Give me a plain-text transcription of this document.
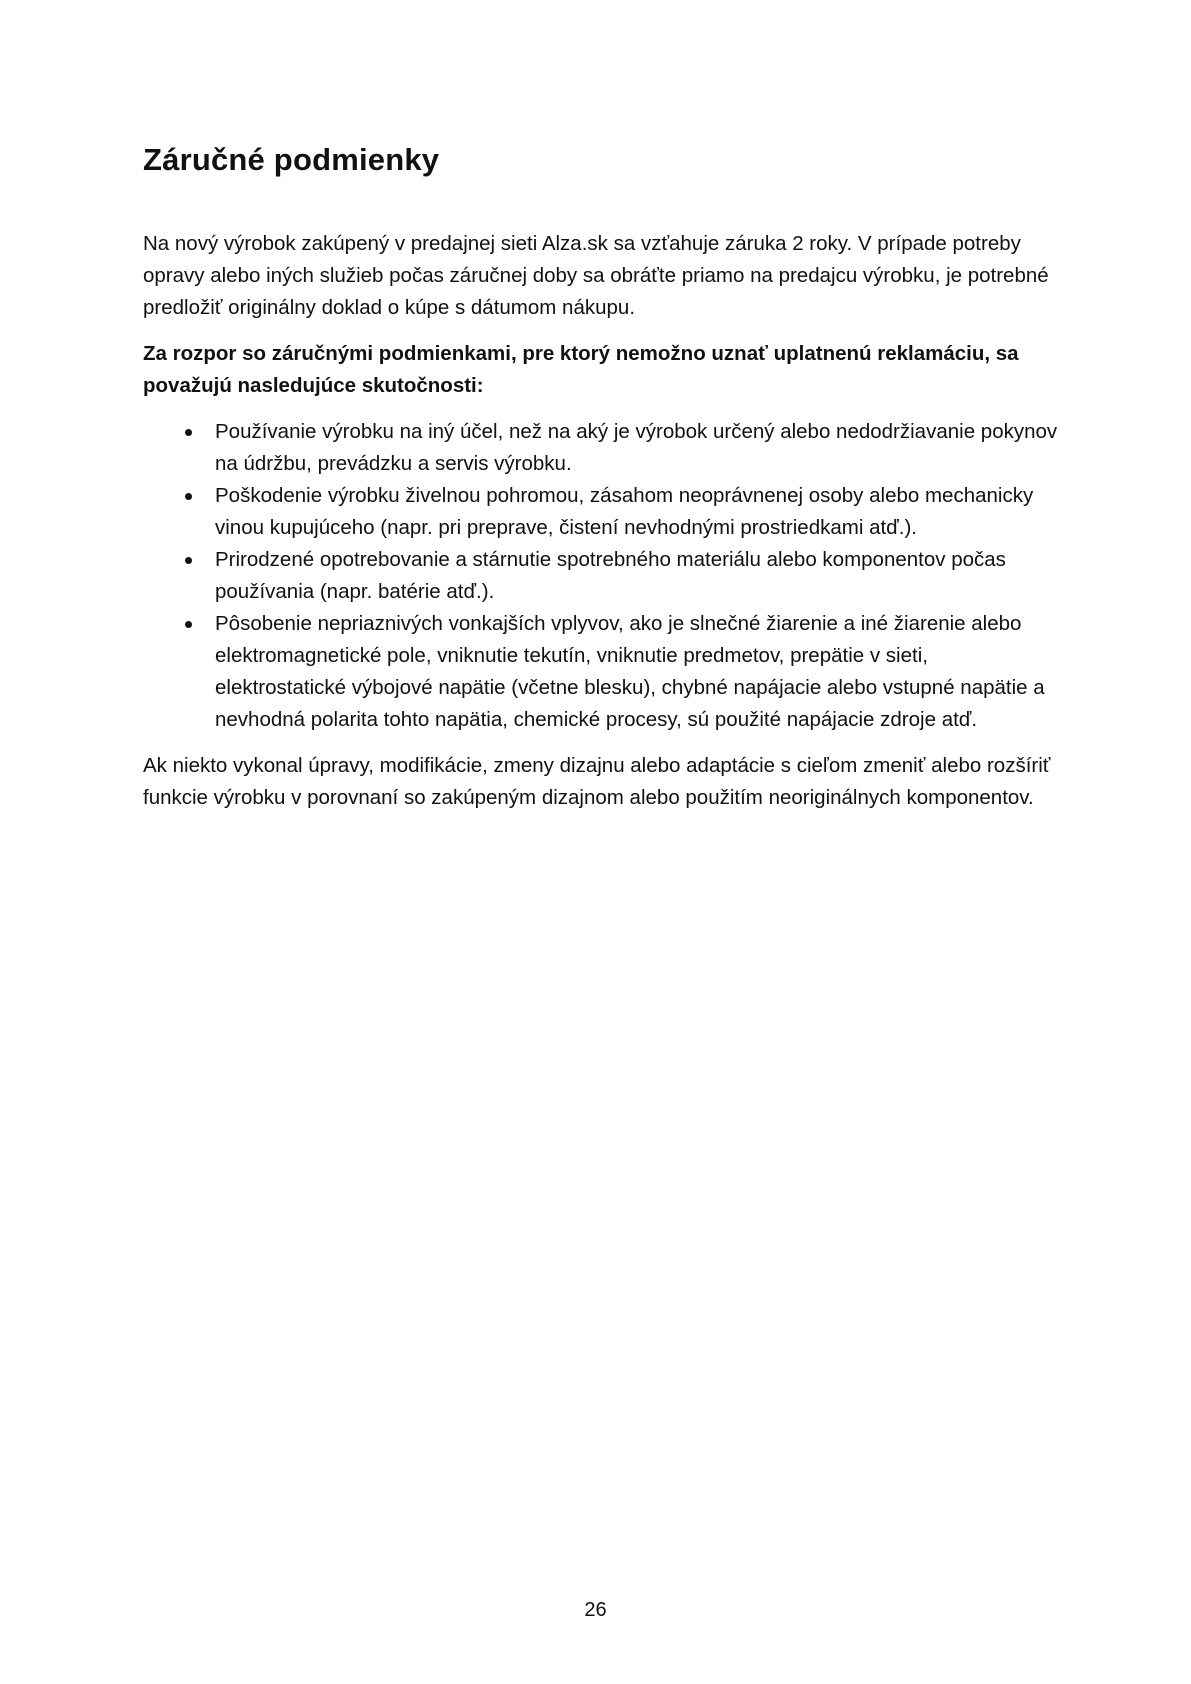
Záručné podmienky

Na nový výrobok zakúpený v predajnej sieti Alza.sk sa vzťahuje záruka 2 roky. V prípade potreby opravy alebo iných služieb počas záručnej doby sa obráťte priamo na predajcu výrobku, je potrebné predložiť originálny doklad o kúpe s dátumom nákupu.

Za rozpor so záručnými podmienkami, pre ktorý nemožno uznať uplatnenú reklamáciu, sa považujú nasledujúce skutočnosti:

Používanie výrobku na iný účel, než na aký je výrobok určený alebo nedodržiavanie pokynov na údržbu, prevádzku a servis výrobku.
Poškodenie výrobku živelnou pohromou, zásahom neoprávnenej osoby alebo mechanicky vinou kupujúceho (napr. pri preprave, čistení nevhodnými prostriedkami atď.).
Prirodzené opotrebovanie a stárnutie spotrebného materiálu alebo komponentov počas používania (napr. batérie atď.).
Pôsobenie nepriaznivých vonkajších vplyvov, ako je slnečné žiarenie a iné žiarenie alebo elektromagnetické pole, vniknutie tekutín, vniknutie predmetov, prepätie v sieti, elektrostatické výbojové napätie (včetne blesku), chybné napájacie alebo vstupné napätie a nevhodná polarita tohto napätia, chemické procesy, sú použité napájacie zdroje atď.

Ak niekto vykonal úpravy, modifikácie, zmeny dizajnu alebo adaptácie s cieľom zmeniť alebo rozšíriť funkcie výrobku v porovnaní so zakúpeným dizajnom alebo použitím neoriginálnych komponentov.

26
